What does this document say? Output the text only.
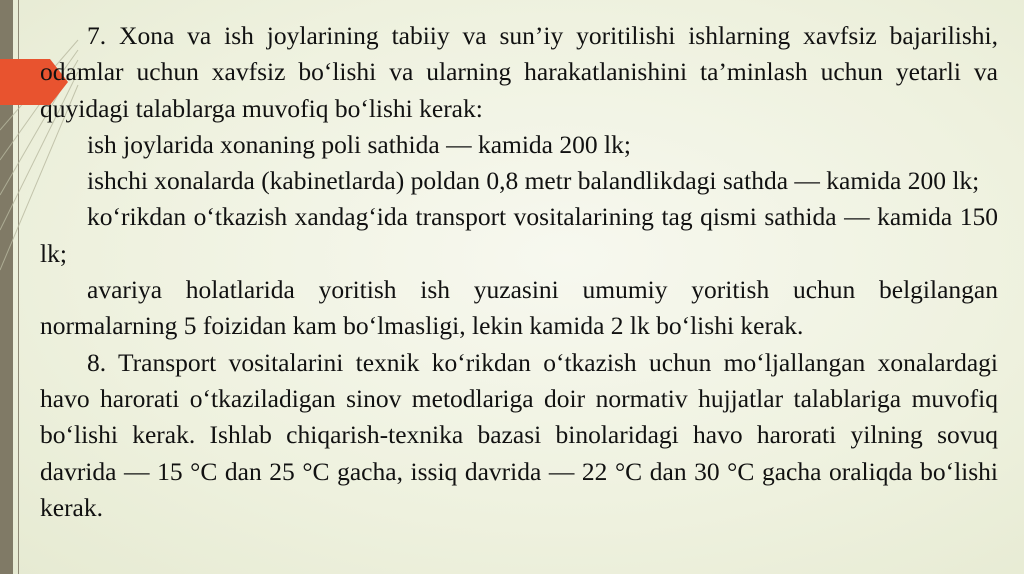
7. Xona va ish joylarining tabiiy va sun’iy yoritilishi ishlarning xavfsiz bajarilishi, odamlar uchun xavfsiz bo‘lishi va ularning harakatlanishini ta’minlash uchun yetarli va quyidagi talablarga muvofiq bo‘lishi kerak:

ish joylarida xonaning poli sathida — kamida 200 lk;

ishchi xonalarda (kabinetlarda) poldan 0,8 metr balandlikdagi sathda — kamida 200 lk;

ko‘rikdan o‘tkazish xandag‘ida transport vositalarining tag qismi sathida — kamida 150 lk;

avariya holatlarida yoritish ish yuzasini umumiy yoritish uchun belgilangan normalarning 5 foizidan kam bo‘lmasligi, lekin kamida 2 lk bo‘lishi kerak.

8. Transport vositalarini texnik ko‘rikdan o‘tkazish uchun mo‘ljallangan xonalardagi havo harorati o‘tkaziladigan sinov metodlariga doir normativ hujjatlar talablariga muvofiq bo‘lishi kerak. Ishlab chiqarish-texnika bazasi binolaridagi havo harorati yilning sovuq davrida — 15 °C dan 25 °C gacha, issiq davrida — 22 °C dan 30 °C gacha oraliqda bo‘lishi kerak.
